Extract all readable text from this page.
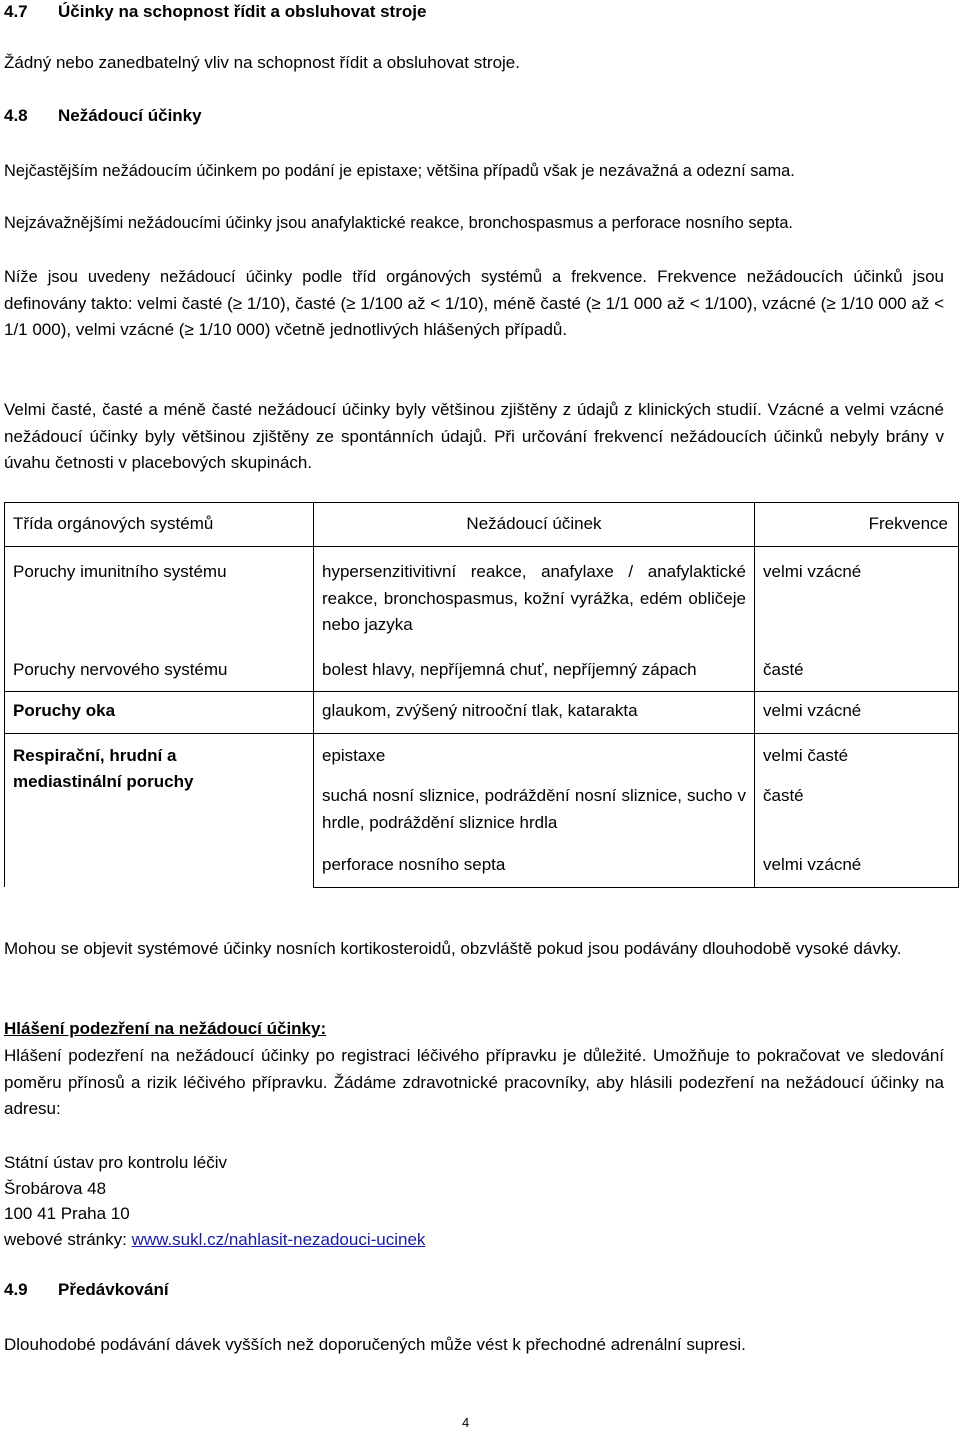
4.7 Účinky na schopnost řídit a obsluhovat stroje
Žádný nebo zanedbatelný vliv na schopnost řídit a obsluhovat stroje.
4.8 Nežádoucí účinky
Nejčastějším nežádoucím účinkem po podání je epistaxe; většina případů však je nezávažná a odezní sama.
Nejzávažnějšími nežádoucími účinky jsou anafylaktické reakce, bronchospasmus a perforace nosního septa.
Níže jsou uvedeny nežádoucí účinky podle tříd orgánových systémů a frekvence. Frekvence nežádoucích účinků jsou definovány takto: velmi časté (≥ 1/10), časté (≥ 1/100 až < 1/10), méně časté (≥ 1/1 000 až < 1/100), vzácné (≥ 1/10 000 až < 1/1 000), velmi vzácné (≥ 1/10 000) včetně jednotlivých hlášených případů.
Velmi časté, časté a méně časté nežádoucí účinky byly většinou zjištěny z údajů z klinických studií. Vzácné a velmi vzácné nežádoucí účinky byly většinou zjištěny ze spontánních údajů. Při určování frekvencí nežádoucích účinků nebyly brány v úvahu četnosti v placebových skupinách.
Třída orgánových systémů	Nežádoucí účinek	Frekvence
Poruchy imunitního systému	hypersenzitivitivní reakce, anafylaxe / anafylaktické reakce, bronchospasmus, kožní vyrážka, edém obličeje nebo jazyka	velmi vzácné
Poruchy nervového systému	bolest hlavy, nepříjemná chuť, nepříjemný zápach	časté
Poruchy oka	glaukom, zvýšený nitrooční tlak, katarakta	velmi vzácné
Respirační, hrudní a mediastinální poruchy	epistaxe	velmi časté

	suchá nosní sliznice, podráždění nosní sliznice, sucho v hrdle, podráždění sliznice hrdla	časté

	perforace nosního septa	velmi vzácné
Mohou se objevit systémové účinky nosních kortikosteroidů, obzvláště pokud jsou podávány dlouhodobě vysoké dávky.
Hlášení podezření na nežádoucí účinky:
Hlášení podezření na nežádoucí účinky po registraci léčivého přípravku je důležité. Umožňuje to pokračovat ve sledování poměru přínosů a rizik léčivého přípravku. Žádáme zdravotnické pracovníky, aby hlásili podezření na nežádoucí účinky na adresu:
Státní ústav pro kontrolu léčiv
Šrobárova 48
100 41 Praha 10
webové stránky: www.sukl.cz/nahlasit-nezadouci-ucinek
4.9 Předávkování
Dlouhodobé podávání dávek vyšších než doporučených může vést k přechodné adrenální supresi.
4
